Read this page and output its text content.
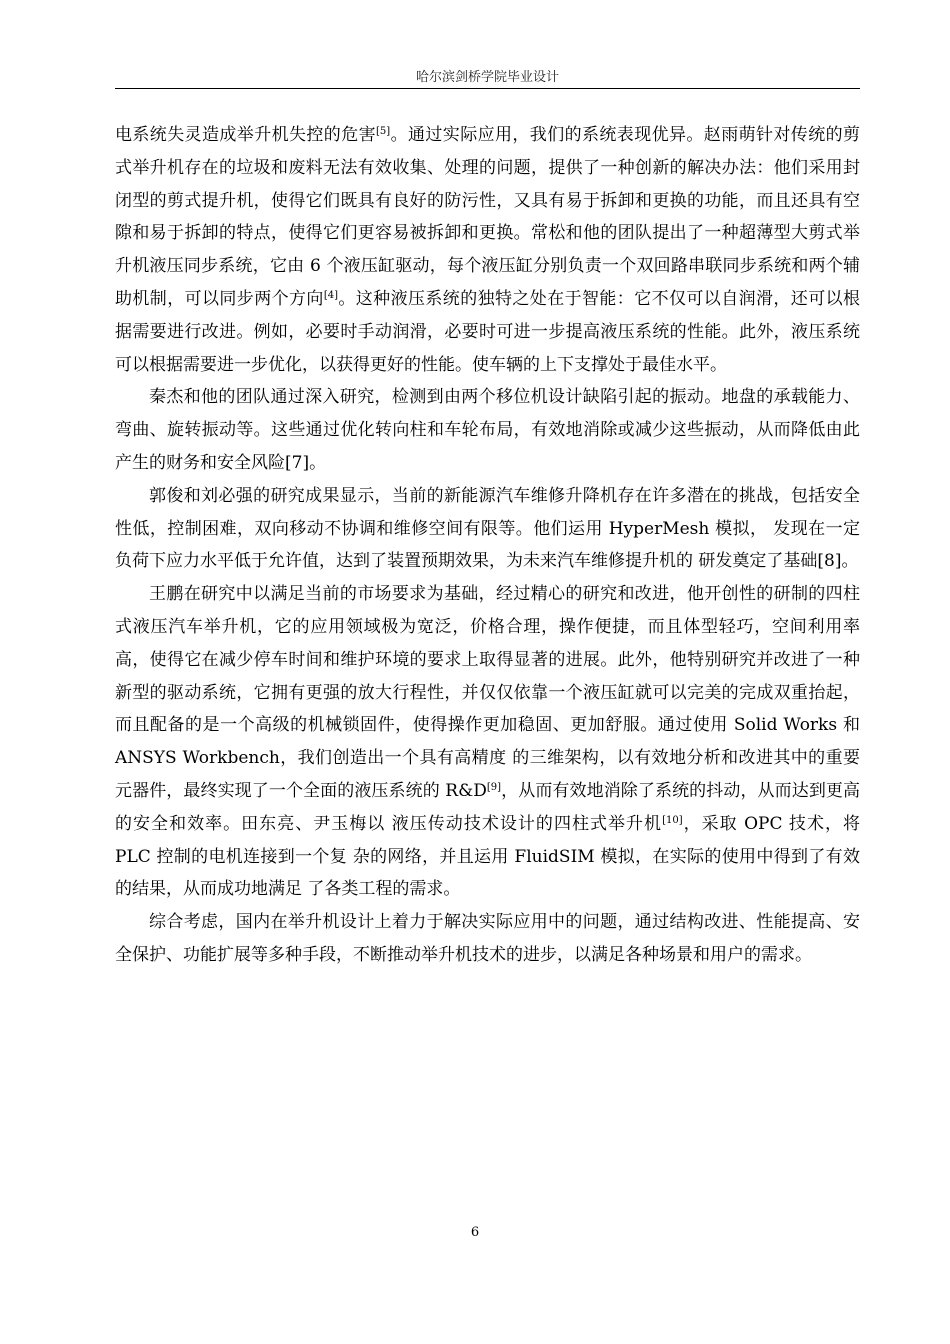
哈尔滨剑桥学院毕业设计

电系统失灵造成举升机失控的危害[5]。通过实际应用，我们的系统表现优异。赵雨萌针对传统的剪式举升机存在的垃圾和废料无法有效收集、处理的问题，提供了一种创新的解决办法：他们采用封闭型的剪式提升机，使得它们既具有良好的防污性，又具有易于拆卸和更换的功能，而且还具有空隙和易于拆卸的特点，使得它们更容易被拆卸和更换。常松和他的团队提出了一种超薄型大剪式举升机液压同步系统，它由 6 个液压缸驱动，每个液压缸分别负责一个双回路串联同步系统和两个辅助机制，可以同步两个方向[4]。这种液压系统的独特之处在于智能：它不仅可以自润滑，还可以根据需要进行改进。例如，必要时手动润滑，必要时可进一步提高液压系统的性能。此外，液压系统可以根据需要进一步优化，以获得更好的性能。使车辆的上下支撑处于最佳水平。

秦杰和他的团队通过深入研究，检测到由两个移位机设计缺陷引起的振动。地盘的承载能力、弯曲、旋转振动等。这些通过优化转向柱和车轮布局，有效地消除或减少这些振动，从而降低由此产生的财务和安全风险[7]。

郭俊和刘必强的研究成果显示，当前的新能源汽车维修升降机存在许多潜在的挑战，包括安全性低，控制困难，双向移动不协调和维修空间有限等。他们运用 HyperMesh 模拟， 发现在一定负荷下应力水平低于允许值，达到了装置预期效果，为未来汽车维修提升机的 研发奠定了基础[8]。

王鹏在研究中以满足当前的市场要求为基础，经过精心的研究和改进，他开创性的研制的四柱式液压汽车举升机，它的应用领域极为宽泛，价格合理，操作便捷，而且体型轻巧，空间利用率高，使得它在减少停车时间和维护环境的要求上取得显著的进展。此外，他特别研究并改进了一种新型的驱动系统，它拥有更强的放大行程性，并仅仅依靠一个液压缸就可以完美的完成双重抬起，而且配备的是一个高级的机械锁固件，使得操作更加稳固、更加舒服。通过使用 Solid Works 和 ANSYS Workbench，我们创造出一个具有高精度 的三维架构，以有效地分析和改进其中的重要元器件，最终实现了一个全面的液压系统的 R&D[9]，从而有效地消除了系统的抖动，从而达到更高的安全和效率。田东亮、尹玉梅以 液压传动技术设计的四柱式举升机[10]，采取 OPC 技术，将 PLC 控制的电机连接到一个复 杂的网络，并且运用 FluidSIM 模拟，在实际的使用中得到了有效的结果，从而成功地满足 了各类工程的需求。

综合考虑，国内在举升机设计上着力于解决实际应用中的问题，通过结构改进、性能提高、安全保护、功能扩展等多种手段，不断推动举升机技术的进步，以满足各种场景和用户的需求。

6
